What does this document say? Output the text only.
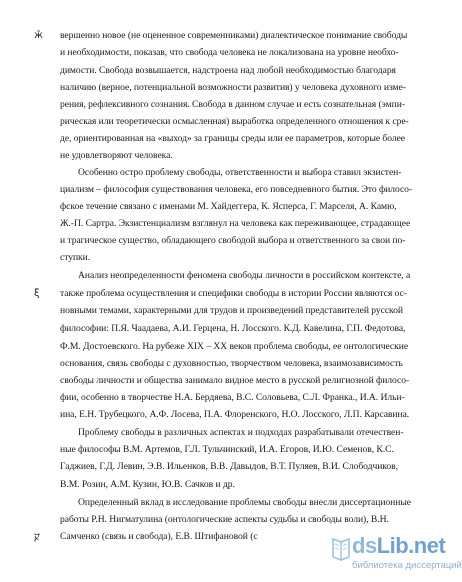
вершенно новое (не оцененное современниками) диалектическое понимание свободы
и необходимости, показав, что свобода человека не локализована на уровне необхо-
димости. Свобода возвышается, надстроена над любой необходимостью благодаря
наличию (верное, потенциальной возможности развития) у человека духовного изме-
рения, рефлексивного сознания. Свобода в данном случае и есть сознательная (эмпи-
рическая или теоретически осмысленная) выработка определенного отношения к сре-
де, ориентированная на «выход» за границы среды или ее параметров, которые более
не удовлетворяют человека.
Особенно остро проблему свободы, ответственности и выбора ставил экзистен-
циализм – философия существования человека, его повседневного бытия. Это филосо-
фское течение связано с именами М. Хайдеггера, К. Ясперса, Г. Марселя, А. Камю,
Ж.-П. Сартра. Экзистенциализм взглянул на человека как переживающее, страдающее
и трагическое существо, обладающего свободой выбора и ответственного за свои по-
ступки.
Анализ неопределенности феномена свободы личности в российском контексте, а
также проблема осуществления и специфики свободы в истории России являются ос-
новными темами, характерными для трудов и произведений представителей русской
философии: П.Я. Чаадаева, А.И. Герцена, Н. Лосского. К.Д. Кавелина, Г.П. Федотова,
Ф.М. Достоевского. На рубеже XIX – XX веков проблема свободы, ее онтологические
основания, связь свободы с духовностью, творчеством человека, взаимозависимость
свободы личности и общества занимало видное место в русской религиозной филосо-
фии, особенно в творчестве Н.А. Бердяева, В.С. Соловьева, С.Л. Франка., И.А. Ильи-
ина, Е.Н. Трубецкого, А.Ф. Лосева, П.А. Флоренского, Н.О. Лосского, Л.П. Карсавина.
Проблему свободы в различных аспектах и подходах разрабатывали отечествен-
ные философы В.М. Артемов, Г.Л. Тульчинский, И.А. Егоров, И.Ю. Семенов, К.С.
Гаджиев, Г.Д. Левин, Э.В. Ильенков, В.В. Давыдов, В.Т. Пуляев, В.И. Слободчиков,
В.М. Розин, А.М. Кузин, Ю.В. Сачков и др.
Определенный вклад в исследование проблемы свободы внесли диссертационные
работы Р.Н. Нигматулина (онтологические аспекты судьбы и свободы воли), В.Н.
Самченко (связь и свобода), Е.В. Штифановой (с
ӂ
ξ
ⴟ	dsLib.net
библиотека диссертаций
